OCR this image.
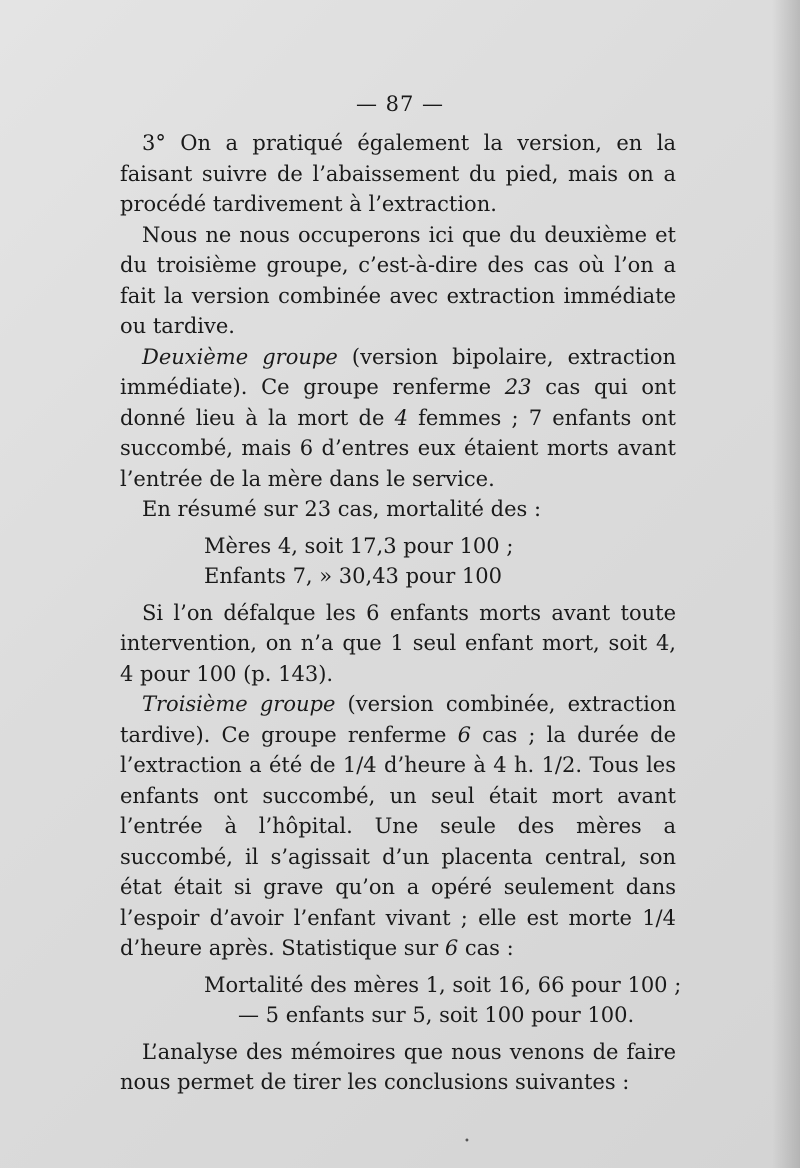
— 87 —

3° On a pratiqué également la version, en la faisant suivre de l’abaissement du pied, mais on a procédé tardivement à l’extraction.

Nous ne nous occuperons ici que du deuxième et du troisième groupe, c’est-à-dire des cas où l’on a fait la version combinée avec extraction immédiate ou tardive.

Deuxième groupe (version bipolaire, extraction immédiate). Ce groupe renferme 23 cas qui ont donné lieu à la mort de 4 femmes ; 7 enfants ont succombé, mais 6 d’entres eux étaient morts avant l’entrée de la mère dans le service.

En résumé sur 23 cas, mortalité des :

Mères 4, soit 17,3 pour 100 ;

Enfants 7, » 30,43 pour 100

Si l’on défalque les 6 enfants morts avant toute intervention, on n’a que 1 seul enfant mort, soit 4, 4 pour 100 (p. 143).

Troisième groupe (version combinée, extraction tardive). Ce groupe renferme 6 cas ; la durée de l’extraction a été de 1/4 d’heure à 4 h. 1/2. Tous les enfants ont succombé, un seul était mort avant l’entrée à l’hôpital. Une seule des mères a succombé, il s’agissait d’un placenta central, son état était si grave qu’on a opéré seulement dans l’espoir d’avoir l’enfant vivant ; elle est morte 1/4 d’heure après. Statistique sur 6 cas :

Mortalité des mères 1, soit 16, 66 pour 100 ;

— 5 enfants sur 5, soit 100 pour 100.

L’analyse des mémoires que nous venons de faire nous permet de tirer les conclusions suivantes :

•
